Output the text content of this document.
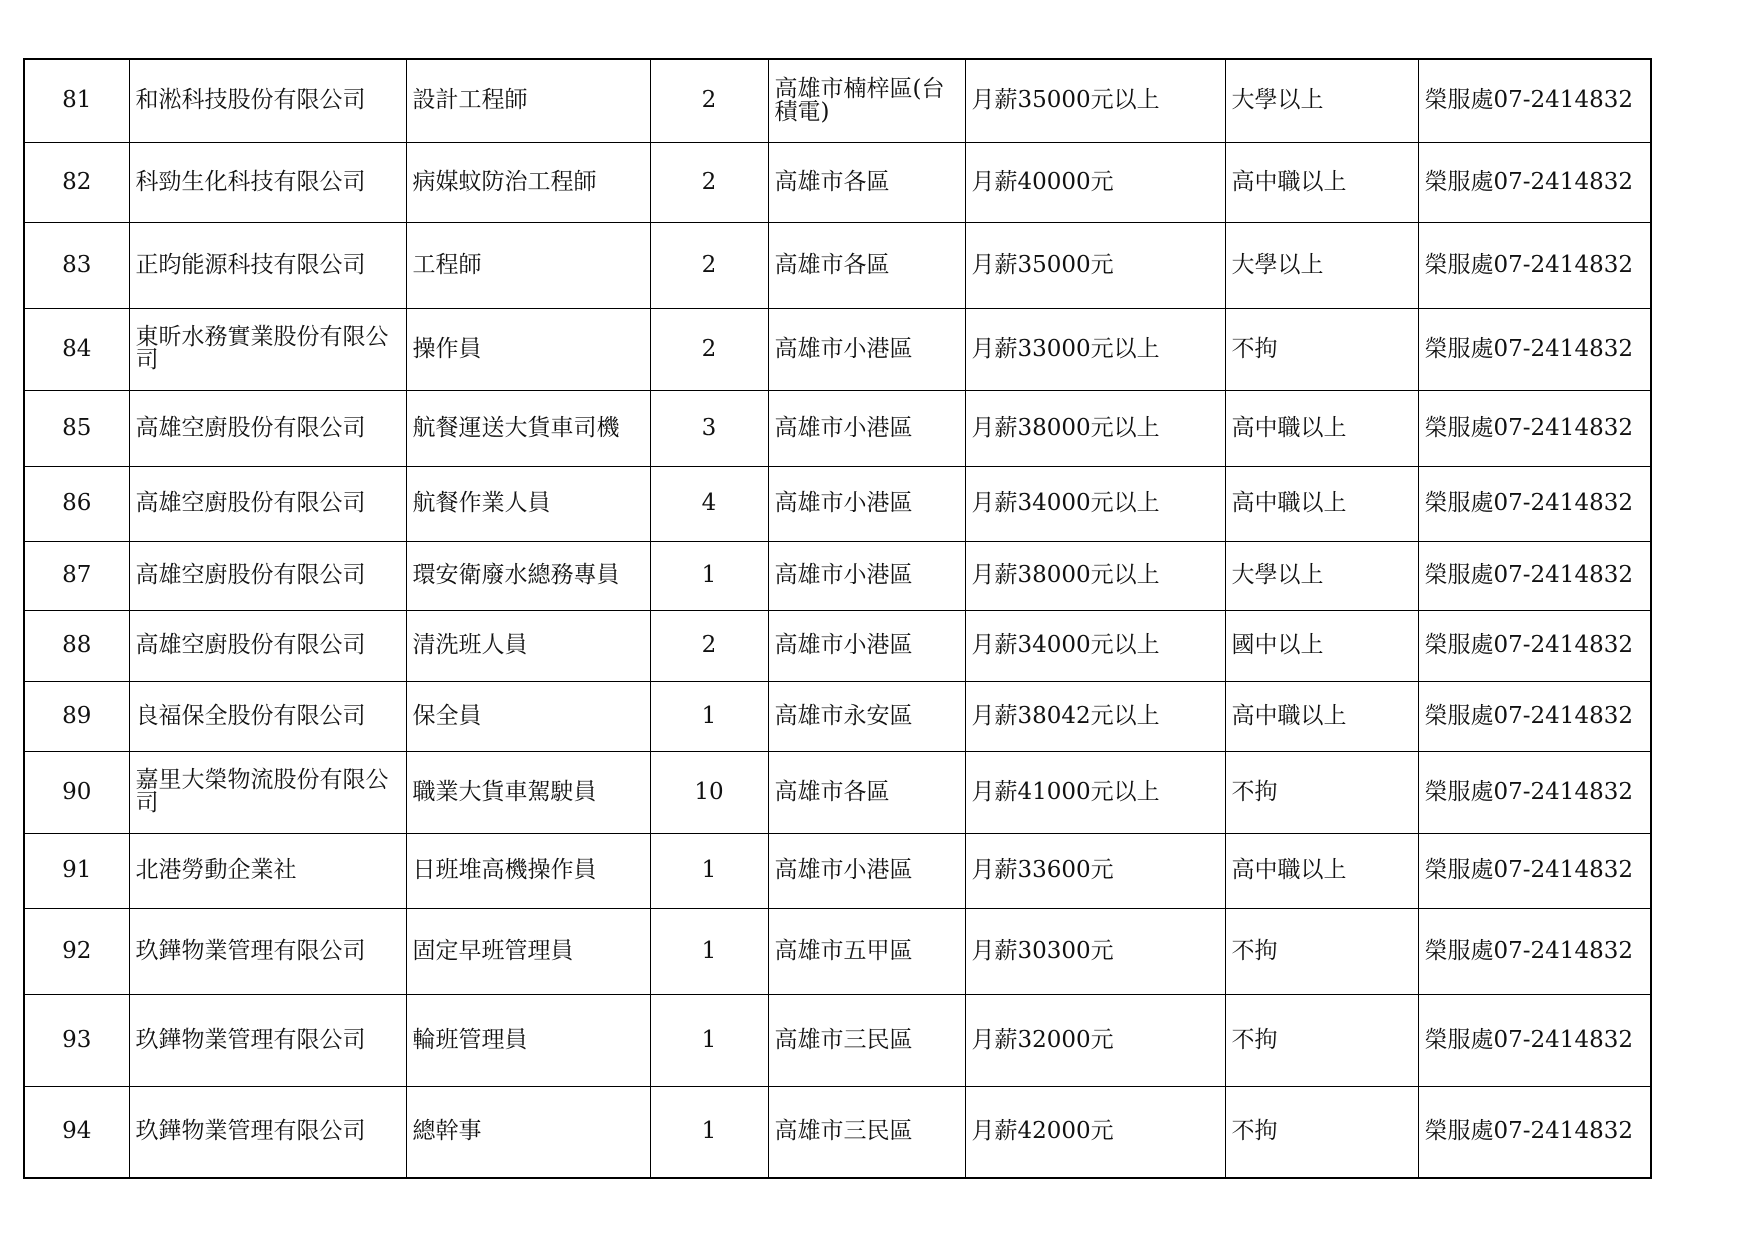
81	和淞科技股份有限公司	設計工程師	2	高雄市楠梓區(台積電)	月薪35000元以上	大學以上	榮服處07-2414832
82	科勁生化科技有限公司	病媒蚊防治工程師	2	高雄市各區	月薪40000元	高中職以上	榮服處07-2414832
83	正昀能源科技有限公司	工程師	2	高雄市各區	月薪35000元	大學以上	榮服處07-2414832
84	東昕水務實業股份有限公司	操作員	2	高雄市小港區	月薪33000元以上	不拘	榮服處07-2414832
85	高雄空廚股份有限公司	航餐運送大貨車司機	3	高雄市小港區	月薪38000元以上	高中職以上	榮服處07-2414832
86	高雄空廚股份有限公司	航餐作業人員	4	高雄市小港區	月薪34000元以上	高中職以上	榮服處07-2414832
87	高雄空廚股份有限公司	環安衛廢水總務專員	1	高雄市小港區	月薪38000元以上	大學以上	榮服處07-2414832
88	高雄空廚股份有限公司	清洗班人員	2	高雄市小港區	月薪34000元以上	國中以上	榮服處07-2414832
89	良福保全股份有限公司	保全員	1	高雄市永安區	月薪38042元以上	高中職以上	榮服處07-2414832
90	嘉里大榮物流股份有限公司	職業大貨車駕駛員	10	高雄市各區	月薪41000元以上	不拘	榮服處07-2414832
91	北港勞動企業社	日班堆高機操作員	1	高雄市小港區	月薪33600元	高中職以上	榮服處07-2414832
92	玖鏵物業管理有限公司	固定早班管理員	1	高雄市五甲區	月薪30300元	不拘	榮服處07-2414832
93	玖鏵物業管理有限公司	輪班管理員	1	高雄市三民區	月薪32000元	不拘	榮服處07-2414832
94	玖鏵物業管理有限公司	總幹事	1	高雄市三民區	月薪42000元	不拘	榮服處07-2414832
